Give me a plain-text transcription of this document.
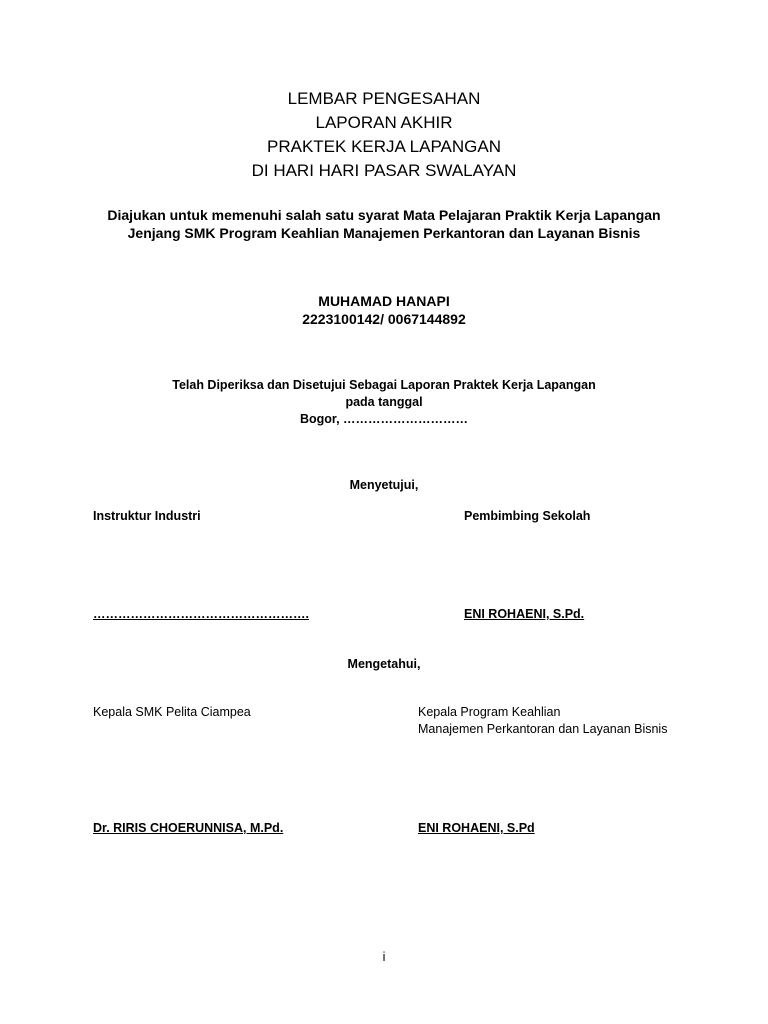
LEMBAR PENGESAHAN
LAPORAN AKHIR
PRAKTEK KERJA LAPANGAN
DI HARI HARI PASAR SWALAYAN
Diajukan untuk memenuhi salah satu syarat Mata Pelajaran Praktik Kerja Lapangan
Jenjang SMK Program Keahlian Manajemen Perkantoran dan Layanan Bisnis
MUHAMAD HANAPI
2223100142/ 0067144892
Telah Diperiksa dan Disetujui Sebagai Laporan Praktek Kerja Lapangan
pada tanggal
Bogor, …………………………
Menyetujui,
Instruktur Industri	Pembimbing Sekolah
…………………………………………….	ENI ROHAENI, S.Pd.
Mengetahui,
Kepala SMK Pelita Ciampea	Kepala Program Keahlian
Manajemen Perkantoran dan Layanan Bisnis
Dr. RIRIS CHOERUNNISA, M.Pd.	ENI ROHAENI, S.Pd
i
